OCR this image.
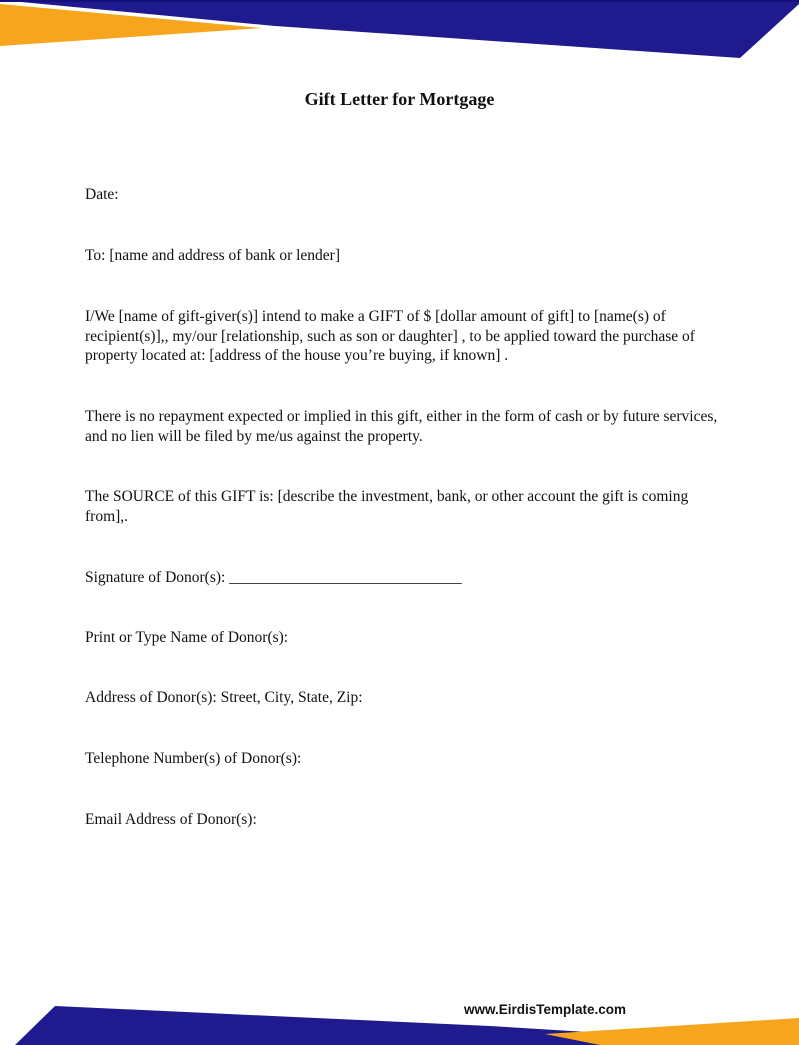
Gift Letter for Mortgage
Date:
To: [name and address of bank or lender]
I/We [name of gift-giver(s)] intend to make a GIFT of $ [dollar amount of gift] to [name(s) of recipient(s)],, my/our [relationship, such as son or daughter] , to be applied toward the purchase of property located at: [address of the house you’re buying, if known] .
There is no repayment expected or implied in this gift, either in the form of cash or by future services, and no lien will be filed by me/us against the property.
The SOURCE of this GIFT is: [describe the investment, bank, or other account the gift is coming from],.
Signature of Donor(s): ______________________________
Print or Type Name of Donor(s):
Address of Donor(s): Street, City, State, Zip:
Telephone Number(s) of Donor(s):
Email Address of Donor(s):
www.EirdisTemplate.com
